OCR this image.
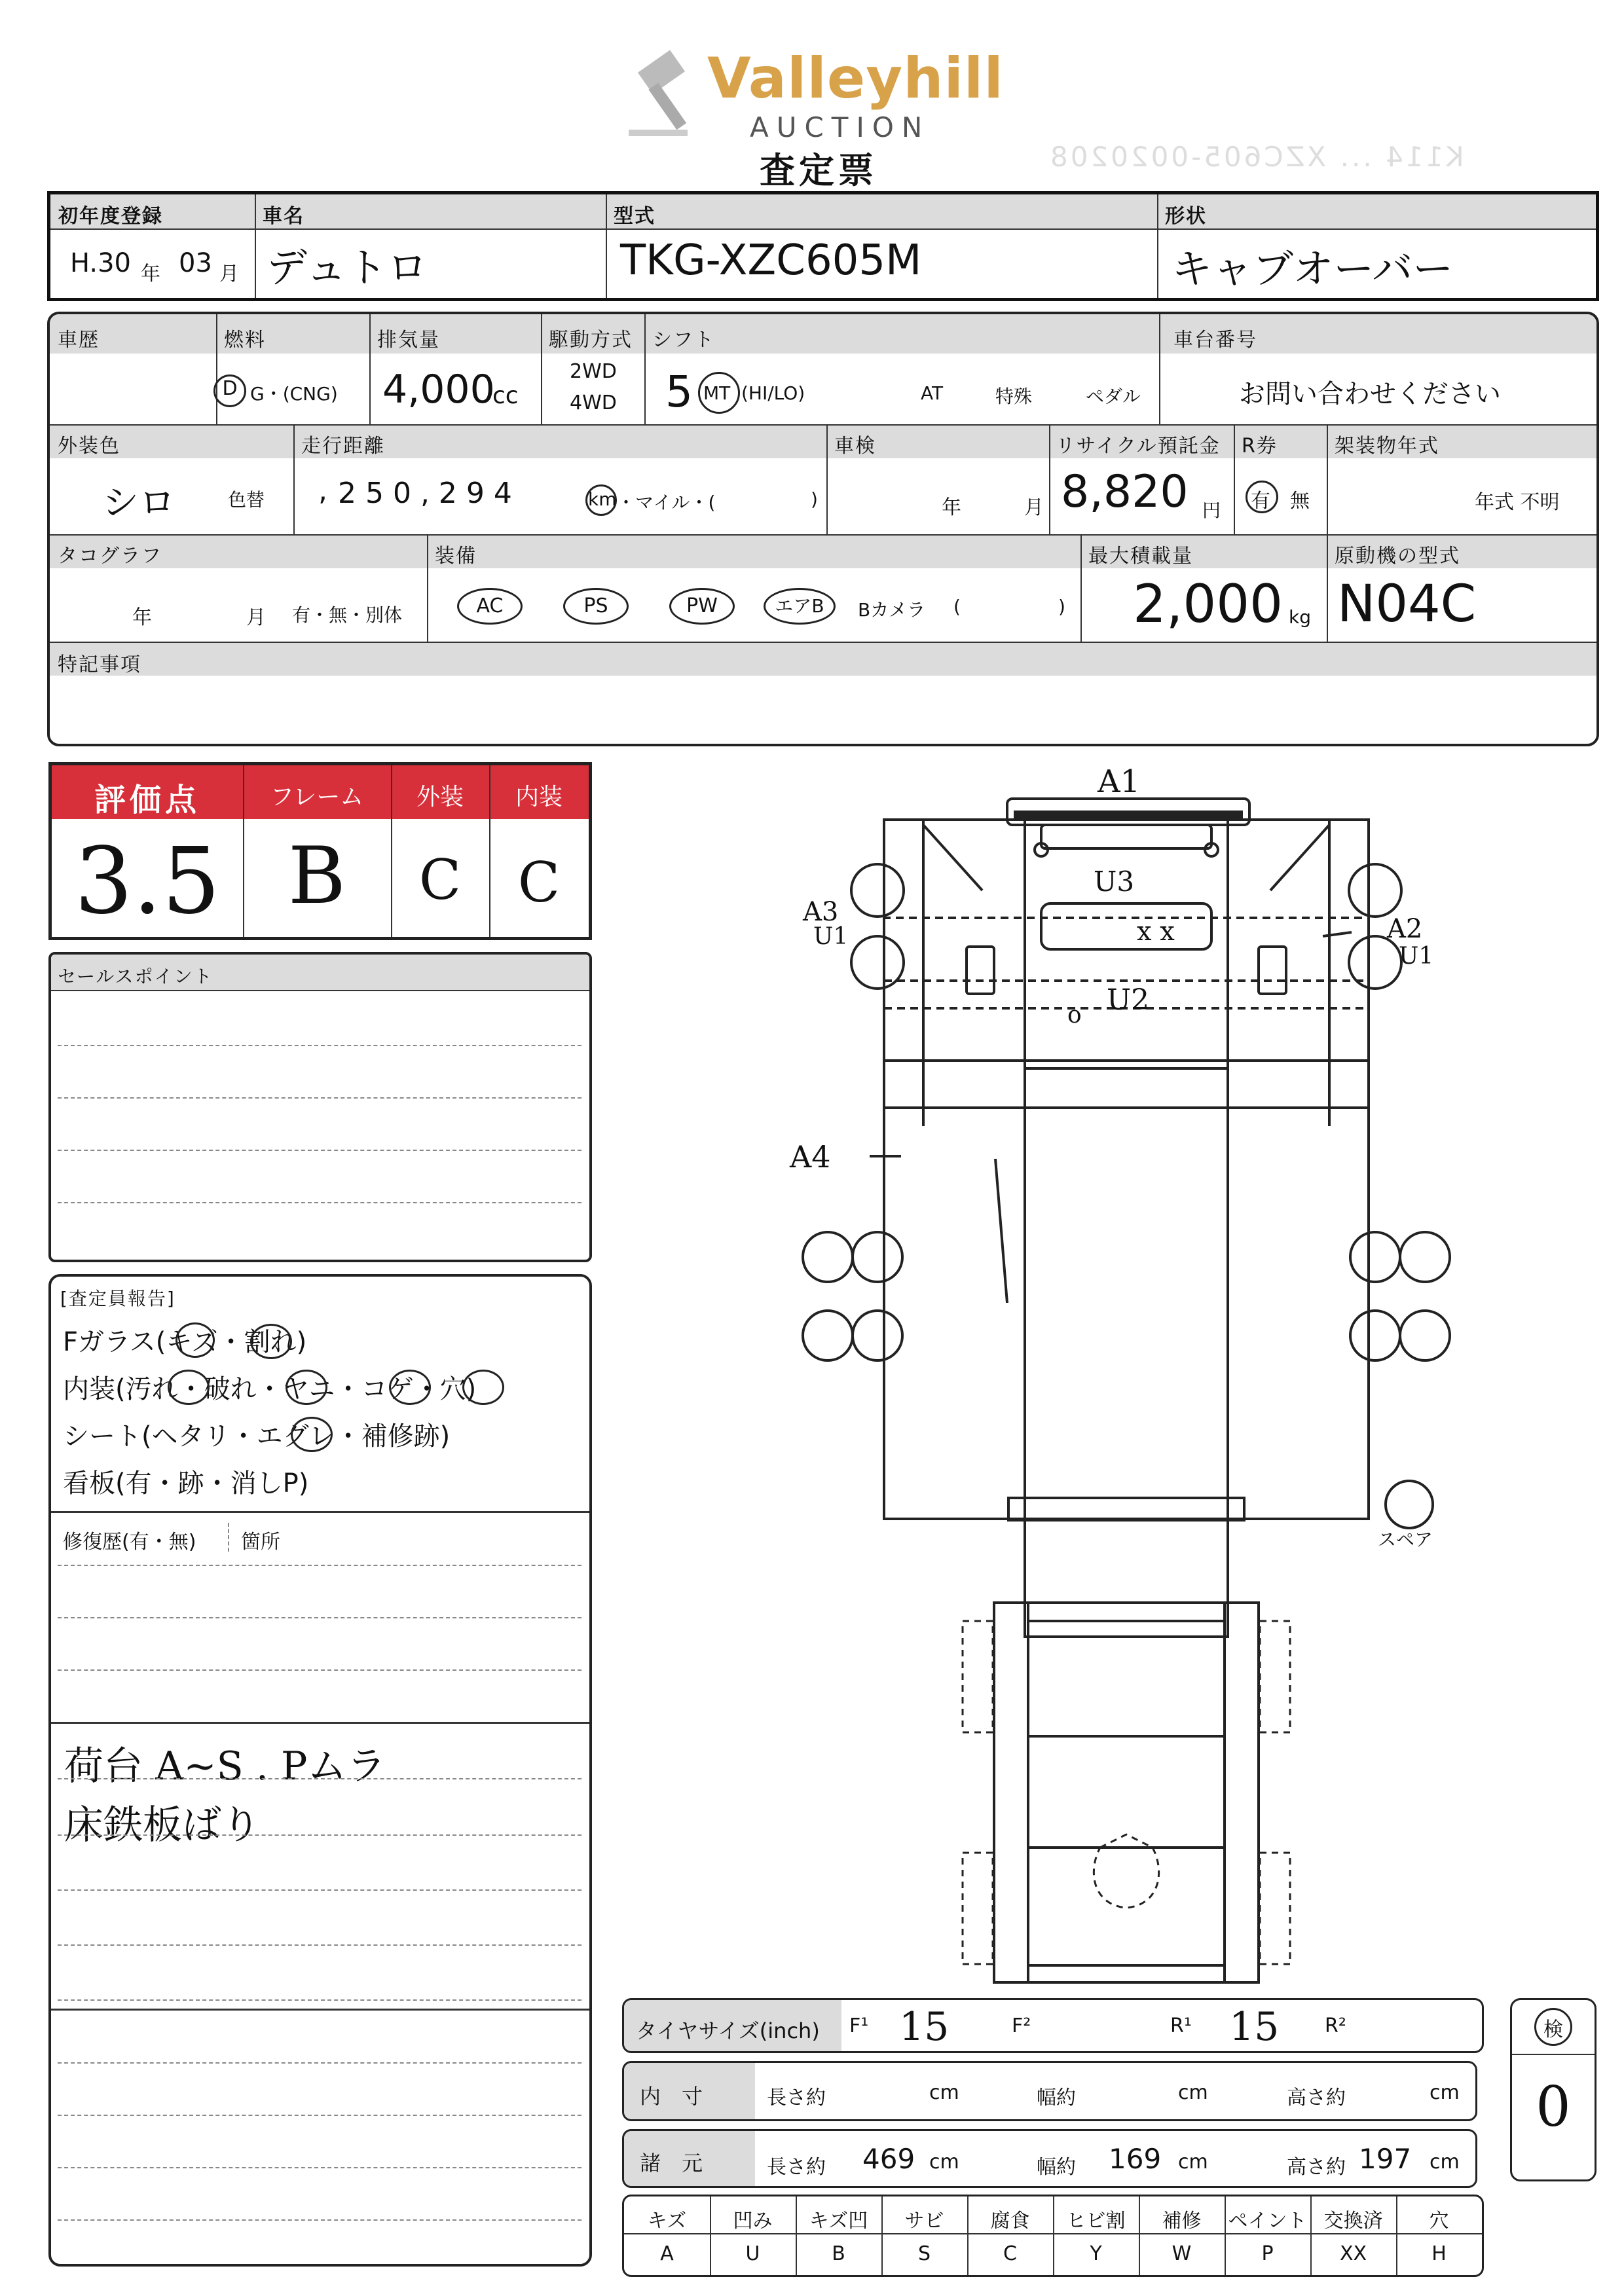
Valleyhill
AUCTION
K114 ... XZC605-0020208
査定票
初年度登録
H.30 年 03 月
車名
デュトロ
型式
TKG-XZC605M
形状
キャブオーバー
車歴	燃料
D G・(CNG)
排気量
4,000
cc
駆動方式
2WD
4WD
シフト
5 MT (HI/LO)	AT	特殊	ペダル
車台番号
お問い合わせください
外装色
シロ	色替
走行距離
, 2 5 0 , 2 9 4	km ・マイル・(	)
車検
年	月
リサイクル預託金
8,820 円
R券
有 無
架装物年式
年式 不明
タコグラフ
年	月 有・無・別体
装備
AC	PS	PW	エアB	Bカメラ (	)
最大積載量
2,000 kg
原動機の型式
N04C
特記事項
評価点	フレーム	外装	内装
3.5 B	C	C
セールスポイント
[査定員報告]
Fガラス(キズ・割れ)
内装(汚れ・破れ・ヤニ・コゲ・穴)
シート(ヘタリ・エグレ・補修跡)
看板(有・跡・消しP)
修復歴(有・無) 箇所
荷台 A~S . Pムラ
床鉄板ばり
A1
U3
x x
A3
U1	A2
U1
o U2
A4
スペア
タイヤサイズ(inch) F¹ 15	F²	R¹ 15 R²
内　寸	長さ約	cm	幅約	cm	高さ約	cm
諸　元	長さ約 469 cm	幅約 169 cm	高さ約 197 cm
検
0
キズ	凹み	キズ凹	サビ	腐食	ヒビ割	補修	ペイント 交換済	穴
A	U	B	S	C	Y	W	P	XX	H
